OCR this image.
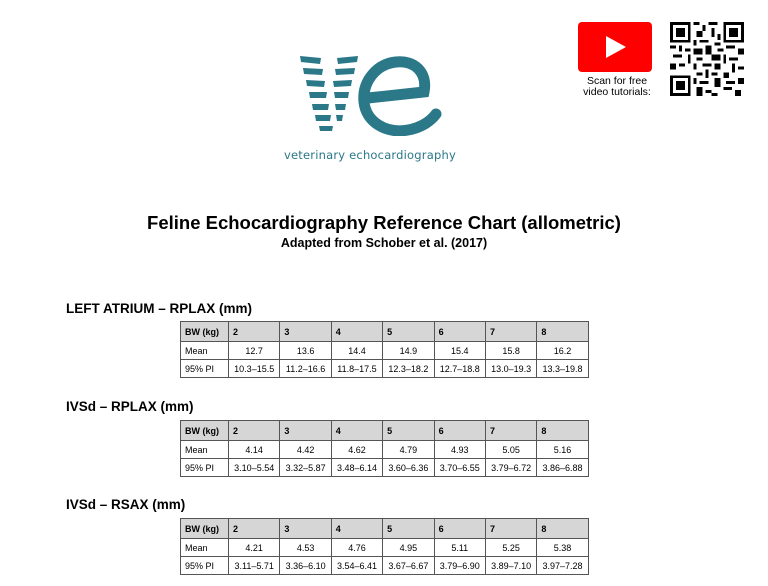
veterinary echocardiography
Scan for free
video tutorials:
Feline Echocardiography Reference Chart (allometric)
Adapted from Schober et al. (2017)
LEFT ATRIUM – RPLAX (mm)
BW (kg)	2	3	4	5	6	7	8
Mean	12.7	13.6	14.4	14.9	15.4	15.8	16.2
95% PI	10.3–15.5	11.2–16.6	11.8–17.5	12.3–18.2	12.7–18.8	13.0–19.3	13.3–19.8
IVSd – RPLAX (mm)
BW (kg)	2	3	4	5	6	7	8
Mean	4.14	4.42	4.62	4.79	4.93	5.05	5.16
95% PI	3.10–5.54	3.32–5.87	3.48–6.14	3.60–6.36	3.70–6.55	3.79–6.72	3.86–6.88
IVSd – RSAX (mm)
BW (kg)	2	3	4	5	6	7	8
Mean	4.21	4.53	4.76	4.95	5.11	5.25	5.38
95% PI	3.11–5.71	3.36–6.10	3.54–6.41	3.67–6.67	3.79–6.90	3.89–7.10	3.97–7.28
